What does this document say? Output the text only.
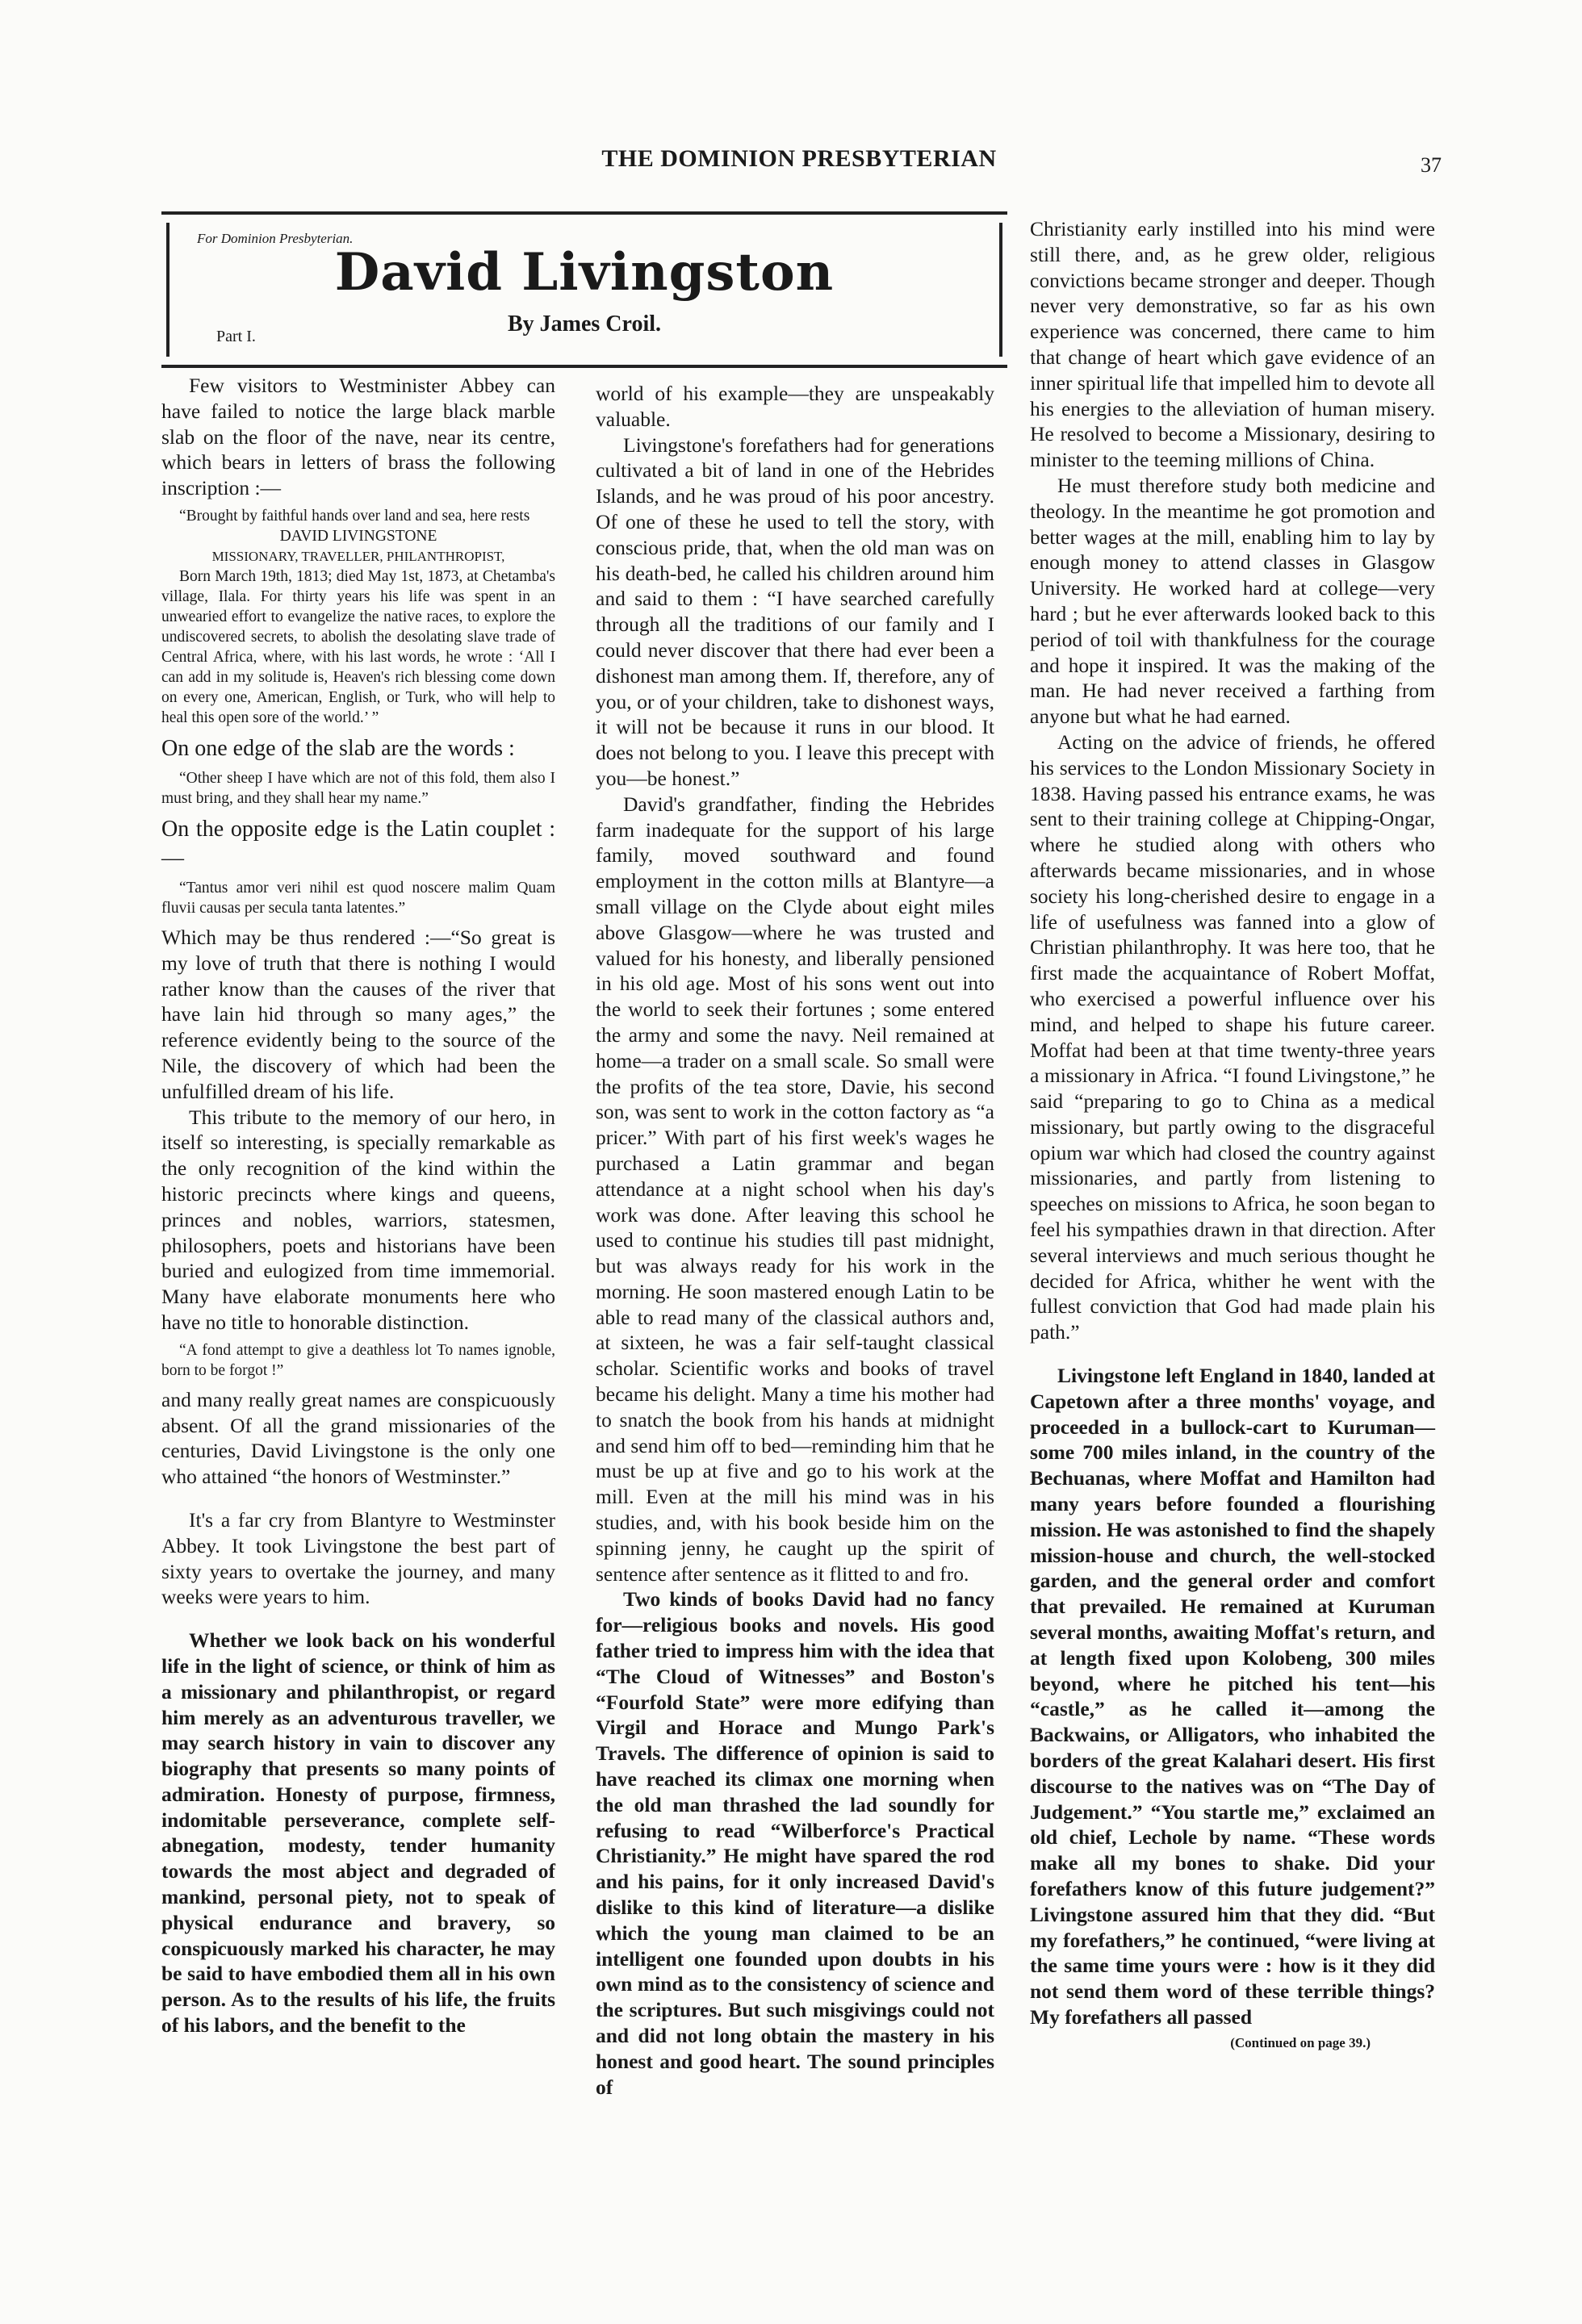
THE DOMINION PRESBYTERIAN	37
For Dominion Presbyterian.
David Livingston
By James Croil.
Part I.

Few visitors to Westminister Abbey can have failed to notice the large black marble slab on the floor of the nave, near its centre, which bears in letters of brass the following inscription :—

“Brought by faithful hands over land and sea, here rests

DAVID LIVINGSTONE

MISSIONARY, TRAVELLER, PHILANTHROPIST,

Born March 19th, 1813; died May 1st, 1873, at Chetamba's village, Ilala. For thirty years his life was spent in an unwearied effort to evangelize the native races, to explore the undiscovered secrets, to abolish the desolating slave trade of Central Africa, where, with his last words, he wrote : ‘All I can add in my solitude is, Heaven's rich blessing come down on every one, American, English, or Turk, who will help to heal this open sore of the world.’ ”

On one edge of the slab are the words :

“Other sheep I have which are not of this fold, them also I must bring, and they shall hear my name.”

On the opposite edge is the Latin couplet :—

“Tantus amor veri nihil est quod noscere malim Quam fluvii causas per secula tanta latentes.”

Which may be thus rendered :—“So great is my love of truth that there is nothing I would rather know than the causes of the river that have lain hid through so many ages,” the reference evidently being to the source of the Nile, the discovery of which had been the unfulfilled dream of his life.

This tribute to the memory of our hero, in itself so interesting, is specially remarkable as the only recognition of the kind within the historic precincts where kings and queens, princes and nobles, warriors, statesmen, philosophers, poets and historians have been buried and eulogized from time immemorial. Many have elaborate monuments here who have no title to honorable distinction.

“A fond attempt to give a deathless lot To names ignoble, born to be forgot !”

and many really great names are conspicuously absent. Of all the grand missionaries of the centuries, David Livingstone is the only one who attained “the honors of Westminster.”

It's a far cry from Blantyre to Westminster Abbey. It took Livingstone the best part of sixty years to overtake the journey, and many weeks were years to him.

Whether we look back on his wonderful life in the light of science, or think of him as a missionary and philanthropist, or regard him merely as an adventurous traveller, we may search history in vain to discover any biography that presents so many points of admiration. Honesty of purpose, firmness, indomitable perseverance, complete self-abnegation, modesty, tender humanity towards the most abject and degraded of mankind, personal piety, not to speak of physical endurance and bravery, so conspicuously marked his character, he may be said to have embodied them all in his own person. As to the results of his life, the fruits of his labors, and the benefit to the

world of his example—they are unspeakably valuable.

Livingstone's forefathers had for generations cultivated a bit of land in one of the Hebrides Islands, and he was proud of his poor ancestry. Of one of these he used to tell the story, with conscious pride, that, when the old man was on his death-bed, he called his children around him and said to them : “I have searched carefully through all the traditions of our family and I could never discover that there had ever been a dishonest man among them. If, therefore, any of you, or of your children, take to dishonest ways, it will not be because it runs in our blood. It does not belong to you. I leave this precept with you—be honest.”

David's grandfather, finding the Hebrides farm inadequate for the support of his large family, moved southward and found employment in the cotton mills at Blantyre—a small village on the Clyde about eight miles above Glasgow—where he was trusted and valued for his honesty, and liberally pensioned in his old age. Most of his sons went out into the world to seek their fortunes ; some entered the army and some the navy. Neil remained at home—a trader on a small scale. So small were the profits of the tea store, Davie, his second son, was sent to work in the cotton factory as “a pricer.” With part of his first week's wages he purchased a Latin grammar and began attendance at a night school when his day's work was done. After leaving this school he used to continue his studies till past midnight, but was always ready for his work in the morning. He soon mastered enough Latin to be able to read many of the classical authors and, at sixteen, he was a fair self-taught classical scholar. Scientific works and books of travel became his delight. Many a time his mother had to snatch the book from his hands at midnight and send him off to bed—reminding him that he must be up at five and go to his work at the mill. Even at the mill his mind was in his studies, and, with his book beside him on the spinning jenny, he caught up the spirit of sentence after sentence as it flitted to and fro.

Two kinds of books David had no fancy for—religious books and novels. His good father tried to impress him with the idea that “The Cloud of Witnesses” and Boston's “Fourfold State” were more edifying than Virgil and Horace and Mungo Park's Travels. The difference of opinion is said to have reached its climax one morning when the old man thrashed the lad soundly for refusing to read “Wilberforce's Practical Christianity.” He might have spared the rod and his pains, for it only increased David's dislike to this kind of literature—a dislike which the young man claimed to be an intelligent one founded upon doubts in his own mind as to the consistency of science and the scriptures. But such misgivings could not and did not long obtain the mastery in his honest and good heart. The sound principles of

Christianity early instilled into his mind were still there, and, as he grew older, religious convictions became stronger and deeper. Though never very demonstrative, so far as his own experience was concerned, there came to him that change of heart which gave evidence of an inner spiritual life that impelled him to devote all his energies to the alleviation of human misery. He resolved to become a Missionary, desiring to minister to the teeming millions of China.

He must therefore study both medicine and theology. In the meantime he got promotion and better wages at the mill, enabling him to lay by enough money to attend classes in Glasgow University. He worked hard at college—very hard ; but he ever afterwards looked back to this period of toil with thankfulness for the courage and hope it inspired. It was the making of the man. He had never received a farthing from anyone but what he had earned.

Acting on the advice of friends, he offered his services to the London Missionary Society in 1838. Having passed his entrance exams, he was sent to their training college at Chipping-Ongar, where he studied along with others who afterwards became missionaries, and in whose society his long-cherished desire to engage in a life of usefulness was fanned into a glow of Christian philanthrophy. It was here too, that he first made the acquaintance of Robert Moffat, who exercised a powerful influence over his mind, and helped to shape his future career. Moffat had been at that time twenty-three years a missionary in Africa. “I found Livingstone,” he said “preparing to go to China as a medical missionary, but partly owing to the disgraceful opium war which had closed the country against missionaries, and partly from listening to speeches on missions to Africa, he soon began to feel his sympathies drawn in that direction. After several interviews and much serious thought he decided for Africa, whither he went with the fullest conviction that God had made plain his path.”

Livingstone left England in 1840, landed at Capetown after a three months' voyage, and proceeded in a bullock-cart to Kuruman—some 700 miles inland, in the country of the Bechuanas, where Moffat and Hamilton had many years before founded a flourishing mission. He was astonished to find the shapely mission-house and church, the well-stocked garden, and the general order and comfort that prevailed. He remained at Kuruman several months, awaiting Moffat's return, and at length fixed upon Kolobeng, 300 miles beyond, where he pitched his tent—his “castle,” as he called it—among the Backwains, or Alligators, who inhabited the borders of the great Kalahari desert. His first discourse to the natives was on “The Day of Judgement.” “You startle me,” exclaimed an old chief, Lechole by name. “These words make all my bones to shake. Did your forefathers know of this future judgement?” Livingstone assured him that they did. “But my forefathers,” he continued, “were living at the same time yours were : how is it they did not send them word of these terrible things? My forefathers all passed

(Continued on page 39.)
